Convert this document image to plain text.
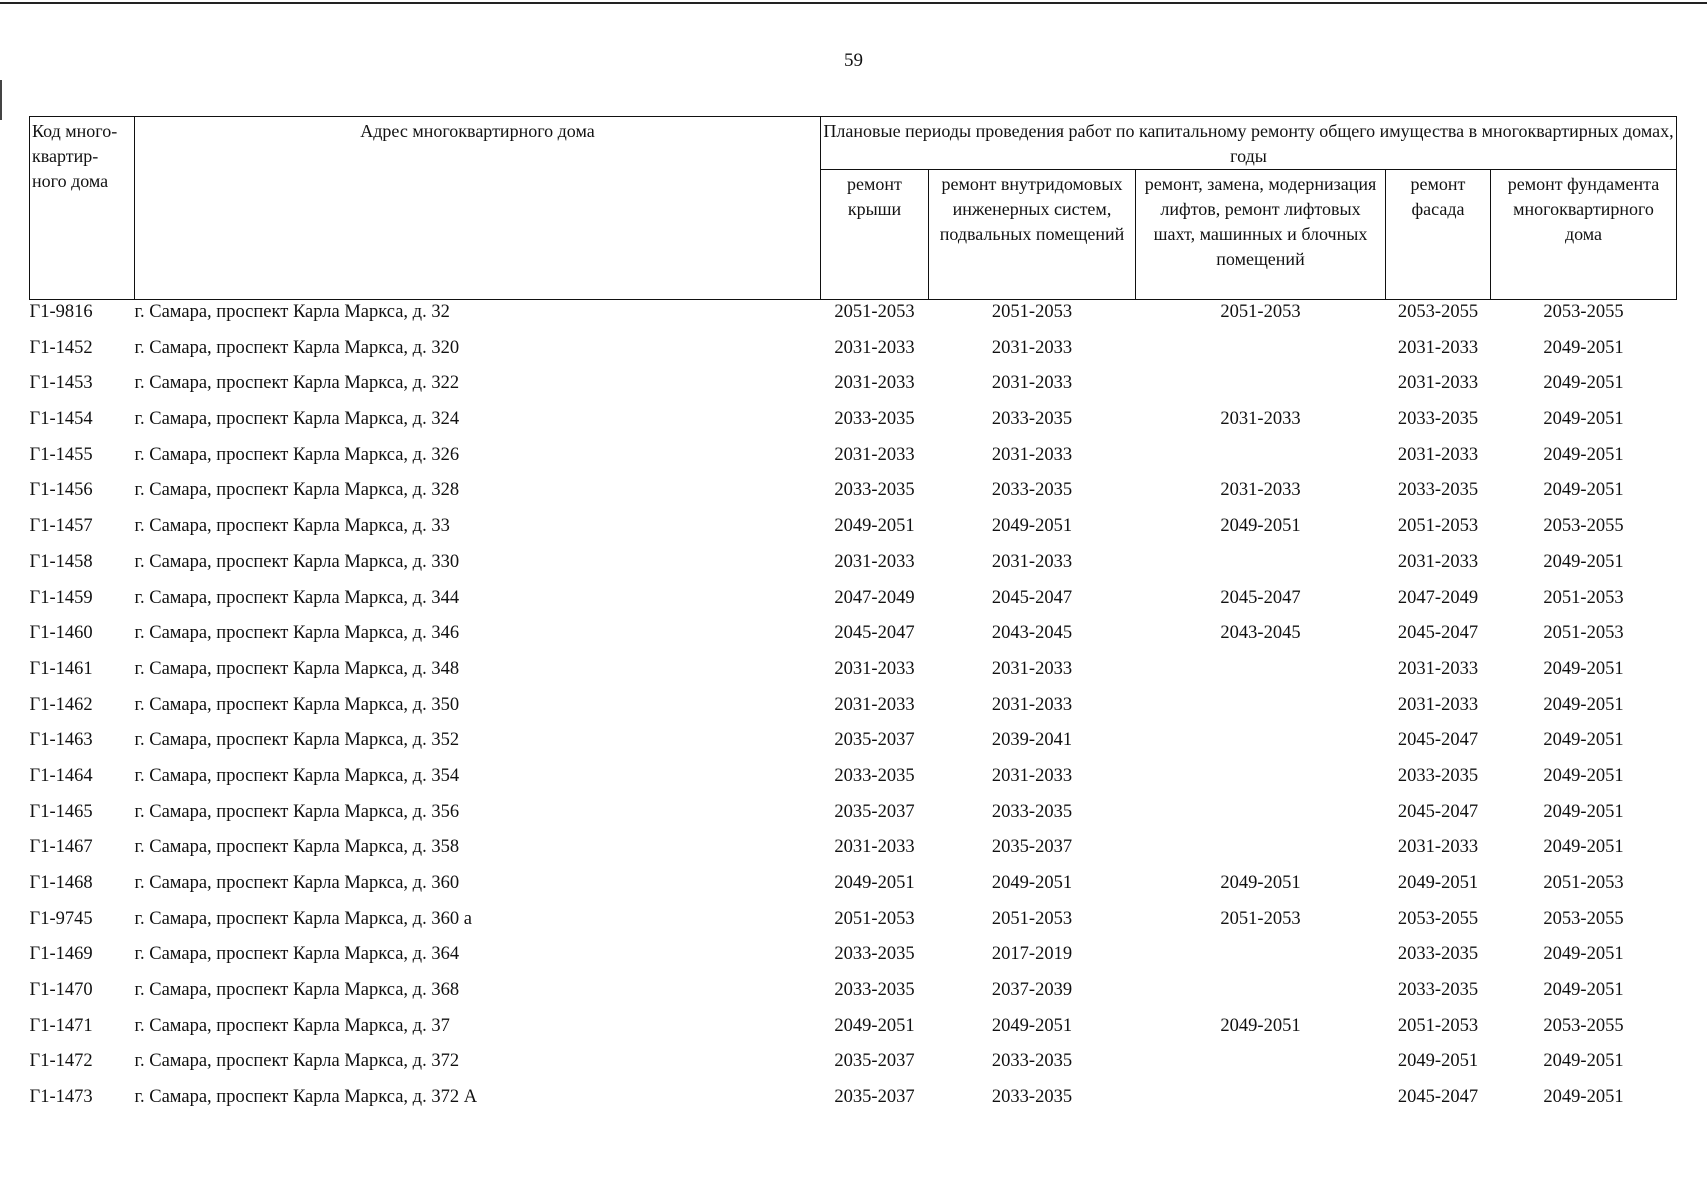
59
Код много-квартир-ного дома	Адрес многоквартирного дома	Плановые периоды проведения работ по капитальному ремонту общего имущества в многоквартирных домах, годы				
		ремонт крыши	ремонт внутридомовых инженерных систем, подвальных помещений	ремонт, замена, модернизация лифтов, ремонт лифтовых шахт, машинных и блочных помещений	ремонт фасада	ремонт фундамента многоквартирного дома
Г1-9816	г. Самара, проспект Карла Маркса, д. 32	2051-2053	2051-2053	2051-2053	2053-2055	2053-2055
Г1-1452	г. Самара, проспект Карла Маркса, д. 320	2031-2033	2031-2033		2031-2033	2049-2051
Г1-1453	г. Самара, проспект Карла Маркса, д. 322	2031-2033	2031-2033		2031-2033	2049-2051
Г1-1454	г. Самара, проспект Карла Маркса, д. 324	2033-2035	2033-2035	2031-2033	2033-2035	2049-2051
Г1-1455	г. Самара, проспект Карла Маркса, д. 326	2031-2033	2031-2033		2031-2033	2049-2051
Г1-1456	г. Самара, проспект Карла Маркса, д. 328	2033-2035	2033-2035	2031-2033	2033-2035	2049-2051
Г1-1457	г. Самара, проспект Карла Маркса, д. 33	2049-2051	2049-2051	2049-2051	2051-2053	2053-2055
Г1-1458	г. Самара, проспект Карла Маркса, д. 330	2031-2033	2031-2033		2031-2033	2049-2051
Г1-1459	г. Самара, проспект Карла Маркса, д. 344	2047-2049	2045-2047	2045-2047	2047-2049	2051-2053
Г1-1460	г. Самара, проспект Карла Маркса, д. 346	2045-2047	2043-2045	2043-2045	2045-2047	2051-2053
Г1-1461	г. Самара, проспект Карла Маркса, д. 348	2031-2033	2031-2033		2031-2033	2049-2051
Г1-1462	г. Самара, проспект Карла Маркса, д. 350	2031-2033	2031-2033		2031-2033	2049-2051
Г1-1463	г. Самара, проспект Карла Маркса, д. 352	2035-2037	2039-2041		2045-2047	2049-2051
Г1-1464	г. Самара, проспект Карла Маркса, д. 354	2033-2035	2031-2033		2033-2035	2049-2051
Г1-1465	г. Самара, проспект Карла Маркса, д. 356	2035-2037	2033-2035		2045-2047	2049-2051
Г1-1467	г. Самара, проспект Карла Маркса, д. 358	2031-2033	2035-2037		2031-2033	2049-2051
Г1-1468	г. Самара, проспект Карла Маркса, д. 360	2049-2051	2049-2051	2049-2051	2049-2051	2051-2053
Г1-9745	г. Самара, проспект Карла Маркса, д. 360 а	2051-2053	2051-2053	2051-2053	2053-2055	2053-2055
Г1-1469	г. Самара, проспект Карла Маркса, д. 364	2033-2035	2017-2019		2033-2035	2049-2051
Г1-1470	г. Самара, проспект Карла Маркса, д. 368	2033-2035	2037-2039		2033-2035	2049-2051
Г1-1471	г. Самара, проспект Карла Маркса, д. 37	2049-2051	2049-2051	2049-2051	2051-2053	2053-2055
Г1-1472	г. Самара, проспект Карла Маркса, д. 372	2035-2037	2033-2035		2049-2051	2049-2051
Г1-1473	г. Самара, проспект Карла Маркса, д. 372 А	2035-2037	2033-2035		2045-2047	2049-2051
